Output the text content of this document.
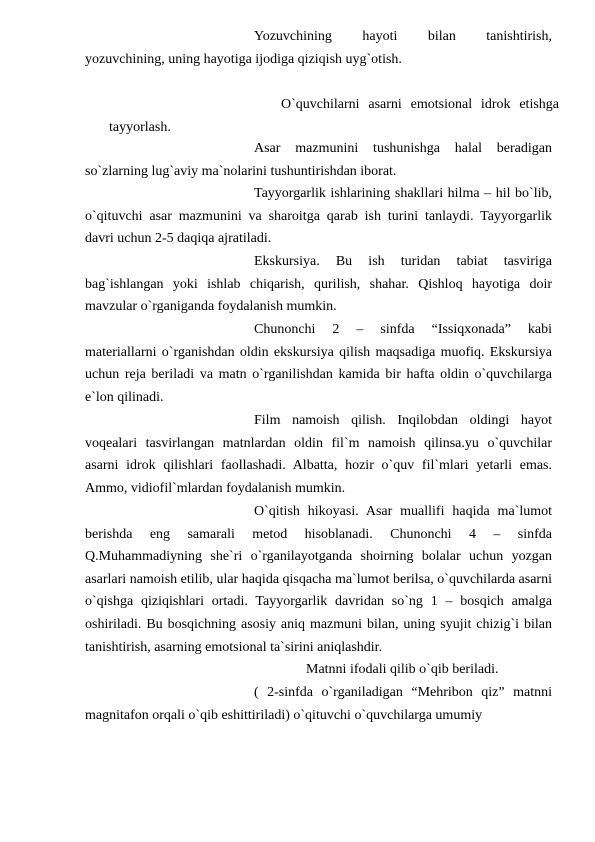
Yozuvchining hayoti bilan tanishtirish, yozuvchining, uning hayotiga ijodiga qiziqish uyg`otish.

O`quvchilarni asarni emotsional idrok etishga tayyorlash.

Asar mazmunini tushunishga halal beradigan so`zlarning lug`aviy ma`nolarini tushuntirishdan iborat.

Tayyorgarlik ishlarining shakllari hilma – hil bo`lib, o`qituvchi asar mazmunini va sharoitga qarab ish turini tanlaydi. Tayyorgarlik davri uchun 2-5 daqiqa ajratiladi.

Ekskursiya. Bu ish turidan tabiat tasviriga bag`ishlangan yoki ishlab chiqarish, qurilish, shahar. Qishloq hayotiga doir mavzular o`rganiganda foydalanish mumkin.

Chunonchi 2 – sinfda “Issiqxonada” kabi materiallarni o`rganishdan oldin ekskursiya qilish maqsadiga muofiq. Ekskursiya uchun reja beriladi va matn o`rganilishdan kamida bir hafta oldin o`quvchilarga e`lon qilinadi.

Film namoish qilish. Inqilobdan oldingi hayot voqealari tasvirlangan matnlardan oldin fil`m namoish qilinsa.yu o`quvchilar asarni idrok qilishlari faollashadi. Albatta, hozir o`quv fil`mlari yetarli emas. Ammo, vidiofil`mlardan foydalanish mumkin.

O`qitish hikoyasi. Asar muallifi haqida ma`lumot berishda eng samarali metod hisoblanadi. Chunonchi 4 – sinfda Q.Muhammadiyning she`ri o`rganilayotganda shoirning bolalar uchun yozgan asarlari namoish etilib, ular haqida qisqacha ma`lumot berilsa, o`quvchilarda asarni o`qishga qiziqishlari ortadi. Tayyorgarlik davridan so`ng 1 – bosqich amalga oshiriladi. Bu bosqichning asosiy aniq mazmuni bilan, uning syujit chizig`i bilan tanishtirish, asarning emotsional ta`sirini aniqlashdir.

Matnni ifodali qilib o`qib beriladi.

( 2-sinfda o`rganiladigan “Mehribon qiz” matnni magnitafon orqali o`qib eshittiriladi) o`qituvchi o`quvchilarga umumiy
